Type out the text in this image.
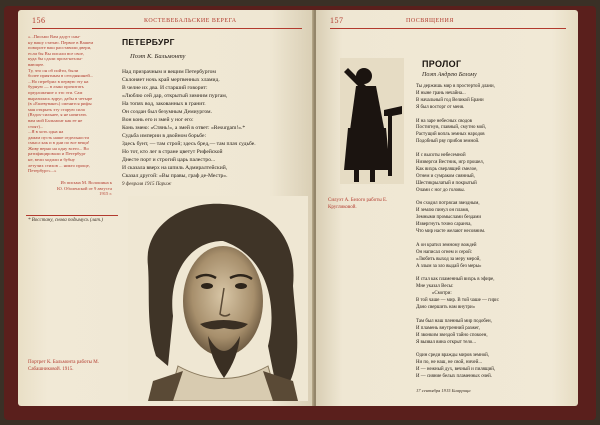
156	КОСТЕВЕБАЛЬСКИЕ ВЕРЕГА
«...Письмо Вам дадут сны-
ну вашу статью. Первое в Вашем
повороте ваш расставили двери,
если бы Вы писали все свое,
куда бы сдали проза-нехлы-
вающее.
Ту, что он об пойти, были
более приятным в сегодняшней...
...Но перебрил в первую эту на
бурную — в лыко прочитать
предложение о это эти. Сам
выразилась вдруг, дабы в четыре
(в «Ешевуване») сменится рифы
мая открыть эту старую сила
(Вздох-сильнее, я не начитать
вам мой Бальмонт как ее не
стоят)...
...Я в хоть одна на
дамам пусть наше отдельности
смысл как и в дни по все вещи!
Живу верно на одну всего... Во
ратифицировали и Петербург
не, вели ходили и бубну
летучих стихов ... никто проще,
Петербург»...»
Из письма М. Волошина к Ю. Оболенской от 9 августа 1915 г.
* Восстану, снова подымусь (лат.)
ПЕТЕРБУРГ
Поэт К. Бальмонту
Над призрачным и вещим Петербургом
Склоняет ночь край мертвенных хламид.
В челне их два. И старший говорит:
«Люблю сей дар, открытый зимним пургам,
На топях вод, закованных в гранит.
Он создан был безумным Демиургом.
Вон конь его и змей у ног его:
Конь змею: «Стянь!», а змей в ответ: «Resurgam!».*
Судьба империи в двойном борьбе:
Здесь бунт, — там строй; здесь бред,— там плач судьбе.
Но тот, кто лег в стране цветут Рифейской
Днесте порт и строгий царь палестро...
И сказала вверх на шпиль Адмиралтейский,
Сказал другой: «Вы правы, граф де-Местр».
9 февраля 1915 Париж
Портрет К. Бальмонта работы М. Сабашниковой. 1915.
157	ПОСВЯЩЕНИЯ
Силуэт А. Белого работы Е. Кругликовой.
ПРОЛОГ
Поэт Андрею Белому
Ты держишь мир в простертой длани,
И ныне грань нечайна...
В начальный год Великой Брани
Я был восторг от меня.

И на заре небесных сводов
Постигнув, главный, смутно мой,
Растущий вопль земных народов
Подобный рву прибоя земной.

И с высоты небесемной
Низвергся Вестник, игр прошел,
Как вихрь сверлящей смелое,
Огнем и сумраком сиянный,
Шестикрылатый я покрытый
Очами с ног до головы.

Он сходил потрясая звездным,
И землю пинул он пламя,
Земными промыслами бездами
Извергнуть точно саранча,
Что мир насте желают несовним.

А он кратил земному вождей
Он написал огнем и серой:
«Любить выход за меру мерой,
А злым за зло выдай без меры»

И стал как пламенный вихрь в эфире,
Мне указал Весы:
«Смотри:
В той чаше — мир. В той чаше — гири:
Дано свершить нам внутри»

Там был наш пленный мир подобен,
И пламень внутренний разжег,
И звонким звездой тайно спокоен,
Я вызвал вина открыт тело...

Один среди вражды миров земной,
Ни по, не наш, не свой, ничей...
И — нежный дух, вечный и пилящий,
И — сияние белых пламенных очей.
17 сентября 1915 Биаррица
